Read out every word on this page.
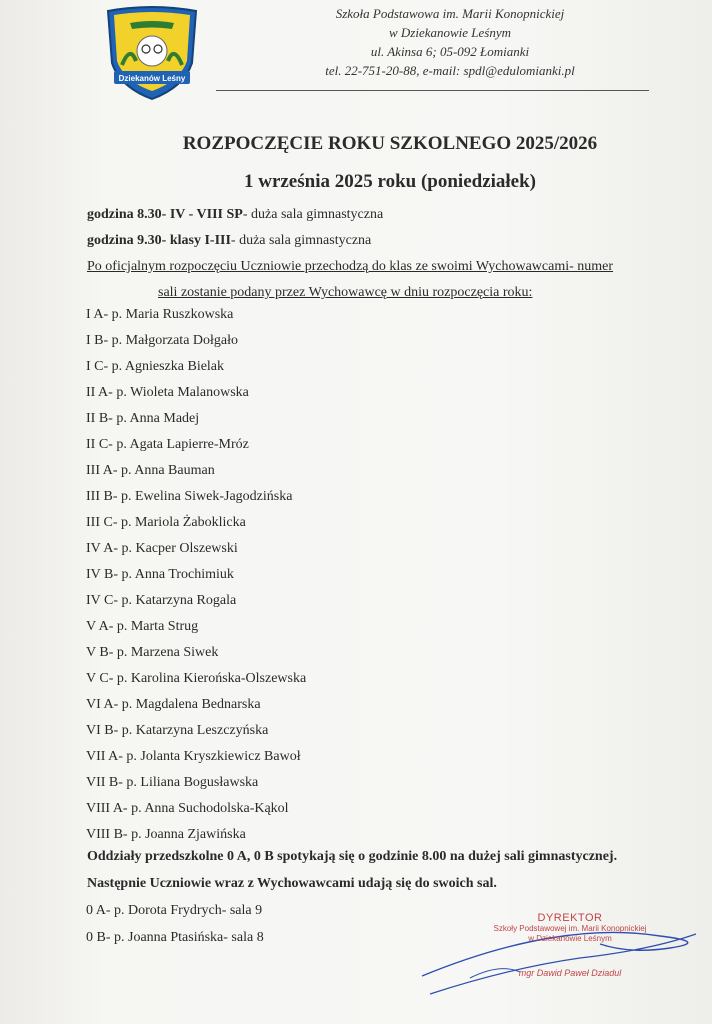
Dziekanów Leśny
Szkoła Podstawowa im. Marii Konopnickiej
w Dziekanowie Leśnym
ul. Akinsa 6; 05-092 Łomianki
tel. 22-751-20-88, e-mail: spdl@edulomianki.pl
ROZPOCZĘCIE ROKU SZKOLNEGO 2025/2026
1 września 2025 roku (poniedziałek)
godzina 8.30- IV - VIII SP- duża sala gimnastyczna
godzina 9.30- klasy I-III- duża sala gimnastyczna
Po oficjalnym rozpoczęciu Uczniowie przechodzą do klas ze swoimi Wychowawcami- numer
sali zostanie podany przez Wychowawcę w dniu rozpoczęcia roku:
I A- p. Maria Ruszkowska
I B- p. Małgorzata Dołgało
I C- p. Agnieszka Bielak
II A- p. Wioleta Malanowska
II B- p. Anna Madej
II C- p. Agata Lapierre-Mróz
III A- p. Anna Bauman
III B- p. Ewelina Siwek-Jagodzińska
III C- p. Mariola Żaboklicka
IV A- p. Kacper Olszewski
IV B- p. Anna Trochimiuk
IV C- p. Katarzyna Rogala
V A- p. Marta Strug
V B- p. Marzena Siwek
V C- p. Karolina Kierońska-Olszewska
VI A- p. Magdalena Bednarska
VI B- p. Katarzyna Leszczyńska
VII A- p. Jolanta Kryszkiewicz Bawoł
VII B- p. Liliana Bogusławska
VIII A- p. Anna Suchodolska-Kąkol
VIII B- p. Joanna Zjawińska
Oddziały przedszkolne 0 A, 0 B spotykają się o godzinie 8.00 na dużej sali gimnastycznej.
Następnie Uczniowie wraz z Wychowawcami udają się do swoich sal.
0 A- p. Dorota Frydrych- sala 9
0 B- p. Joanna Ptasińska- sala 8
DYREKTOR
Szkoły Podstawowej im. Marii Konopnickiej
w Dziekanowie Leśnym
mgr Dawid Paweł Dziadul
